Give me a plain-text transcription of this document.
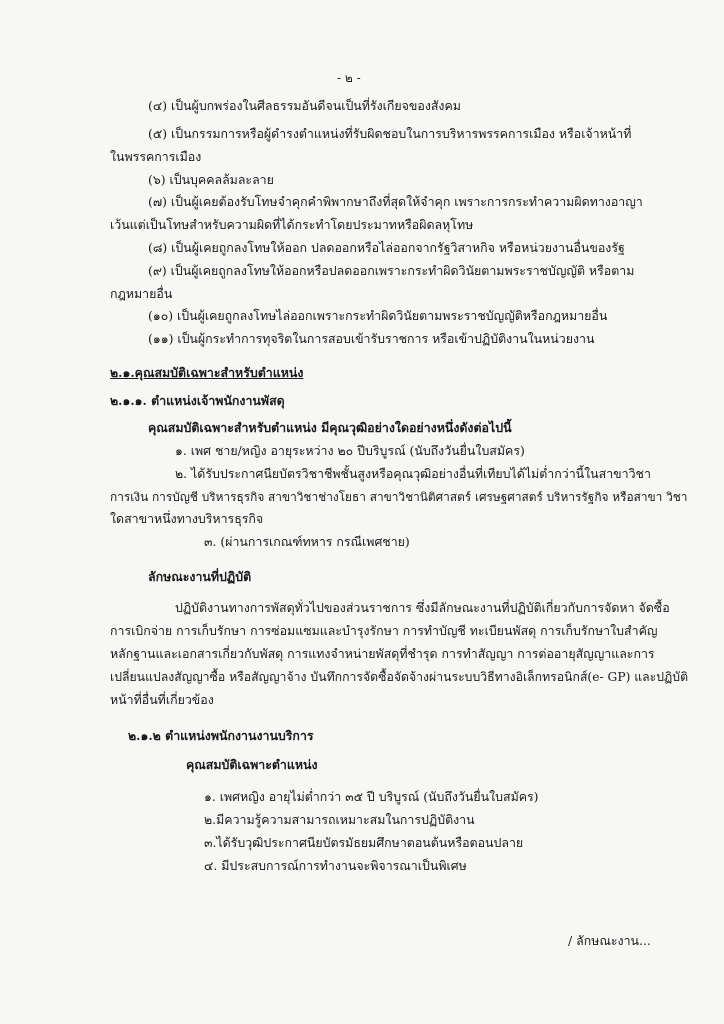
- ๒ -
(๔) เป็นผู้บกพร่องในศีลธรรมอันดีจนเป็นที่รังเกียจของสังคม
(๕) เป็นกรรมการหรือผู้ดำรงตำแหน่งที่รับผิดชอบในการบริหารพรรคการเมือง หรือเจ้าหน้าที่
ในพรรคการเมือง
(๖) เป็นบุคคลล้มละลาย
(๗) เป็นผู้เคยต้องรับโทษจำคุกคำพิพากษาถึงที่สุดให้จำคุก เพราะการกระทำความผิดทางอาญา
เว้นแต่เป็นโทษสำหรับความผิดที่ได้กระทำโดยประมาทหรือผิดลหุโทษ
(๘) เป็นผู้เคยถูกลงโทษให้ออก ปลดออกหรือไล่ออกจากรัฐวิสาหกิจ หรือหน่วยงานอื่นของรัฐ
(๙) เป็นผู้เคยถูกลงโทษให้ออกหรือปลดออกเพราะกระทำผิดวินัยตามพระราชบัญญัติ หรือตาม
กฎหมายอื่น
(๑๐) เป็นผู้เคยถูกลงโทษไล่ออกเพราะกระทำผิดวินัยตามพระราชบัญญัติหรือกฎหมายอื่น
(๑๑) เป็นผู้กระทำการทุจริตในการสอบเข้ารับราชการ หรือเข้าปฏิบัติงานในหน่วยงาน
๒.๑.คุณสมบัติเฉพาะสำหรับตำแหน่ง
๒.๑.๑. ตำแหน่งเจ้าพนักงานพัสดุ
คุณสมบัติเฉพาะสำหรับตำแหน่ง มีคุณวุฒิอย่างใดอย่างหนึ่งดังต่อไปนี้
๑. เพศ ชาย/หญิง อายุระหว่าง ๒๐ ปีบริบูรณ์ (นับถึงวันยื่นใบสมัคร)
๒. ได้รับประกาศนียบัตรวิชาชีพชั้นสูงหรือคุณวุฒิอย่างอื่นที่เทียบได้ไม่ต่ำกว่านี้ในสาขาวิชา
การเงิน การบัญชี บริหารธุรกิจ สาขาวิชาช่างโยธา สาขาวิชานิติศาสตร์ เศรษฐศาสตร์ บริหารรัฐกิจ หรือสาขา วิชา
ใดสาขาหนึ่งทางบริหารธุรกิจ
๓. (ผ่านการเกณฑ์ทหาร กรณีเพศชาย)
ลักษณะงานที่ปฏิบัติ
ปฏิบัติงานทางการพัสดุทั่วไปของส่วนราชการ ซึ่งมีลักษณะงานที่ปฏิบัติเกี่ยวกับการจัดหา จัดซื้อ
การเบิกจ่าย การเก็บรักษา การซ่อมแซมและบำรุงรักษา การทำบัญชี ทะเบียนพัสดุ การเก็บรักษาใบสำคัญ
หลักฐานและเอกสารเกี่ยวกับพัสดุ การแทงจำหน่ายพัสดุที่ชำรุด การทำสัญญา การต่ออายุสัญญาและการ
เปลี่ยนแปลงสัญญาซื้อ หรือสัญญาจ้าง บันทึกการจัดซื้อจัดจ้างผ่านระบบวิธีทางอิเล็กทรอนิกส์(e- GP) และปฏิบัติ
หน้าที่อื่นที่เกี่ยวข้อง
๒.๑.๒ ตำแหน่งพนักงานงานบริการ
คุณสมบัติเฉพาะตำแหน่ง
๑. เพศหญิง อายุไม่ต่ำกว่า ๓๕ ปี บริบูรณ์ (นับถึงวันยื่นใบสมัคร)
๒.มีความรู้ความสามารถเหมาะสมในการปฏิบัติงาน
๓.ได้รับวุฒิประกาศนียบัตรมัธยมศึกษาตอนต้นหรือตอนปลาย
๔. มีประสบการณ์การทำงานจะพิจารณาเป็นพิเศษ
/ ลักษณะงาน...
